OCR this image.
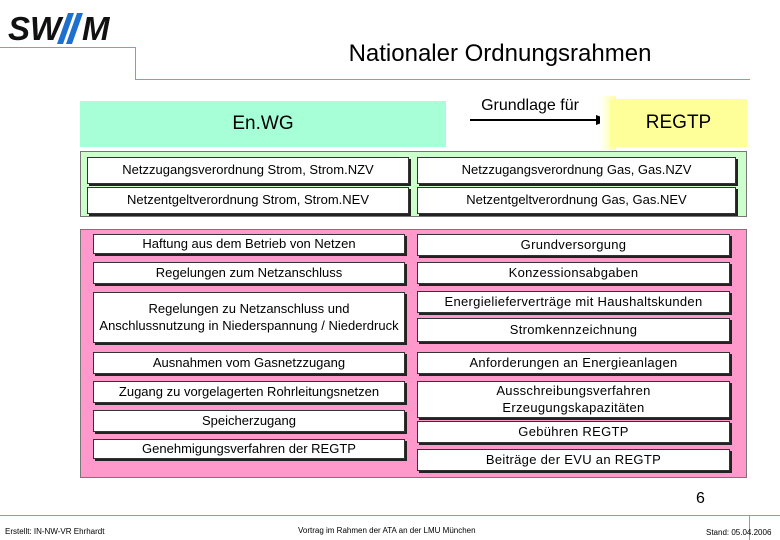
SW M
Nationaler Ordnungsrahmen
En.WG
Grundlage für
REGTP
Netzzugangsverordnung Strom, Strom.NZV	Netzzugangsverordnung Gas, Gas.NZV
Netzentgeltverordnung Strom, Strom.NEV	Netzentgeltverordnung Gas, Gas.NEV
Haftung aus dem Betrieb von Netzen
Regelungen zum Netzanschluss
Regelungen zu Netzanschluss und Anschlussnutzung in Niederspannung / Niederdruck
Ausnahmen vom Gasnetzzugang
Zugang zu vorgelagerten Rohrleitungsnetzen
Speicherzugang
Genehmigungsverfahren der REGTP
Grundversorgung
Konzessionsabgaben
Energielieferverträge mit Haushaltskunden
Stromkennzeichnung
Anforderungen an Energieanlagen
Ausschreibungsverfahren Erzeugungskapazitäten
Gebühren REGTP
Beiträge der EVU an REGTP
6
Erstellt: IN-NW-VR Ehrhardt	Vortrag im Rahmen der ATA an der LMU München	Stand: 05.04.2006
